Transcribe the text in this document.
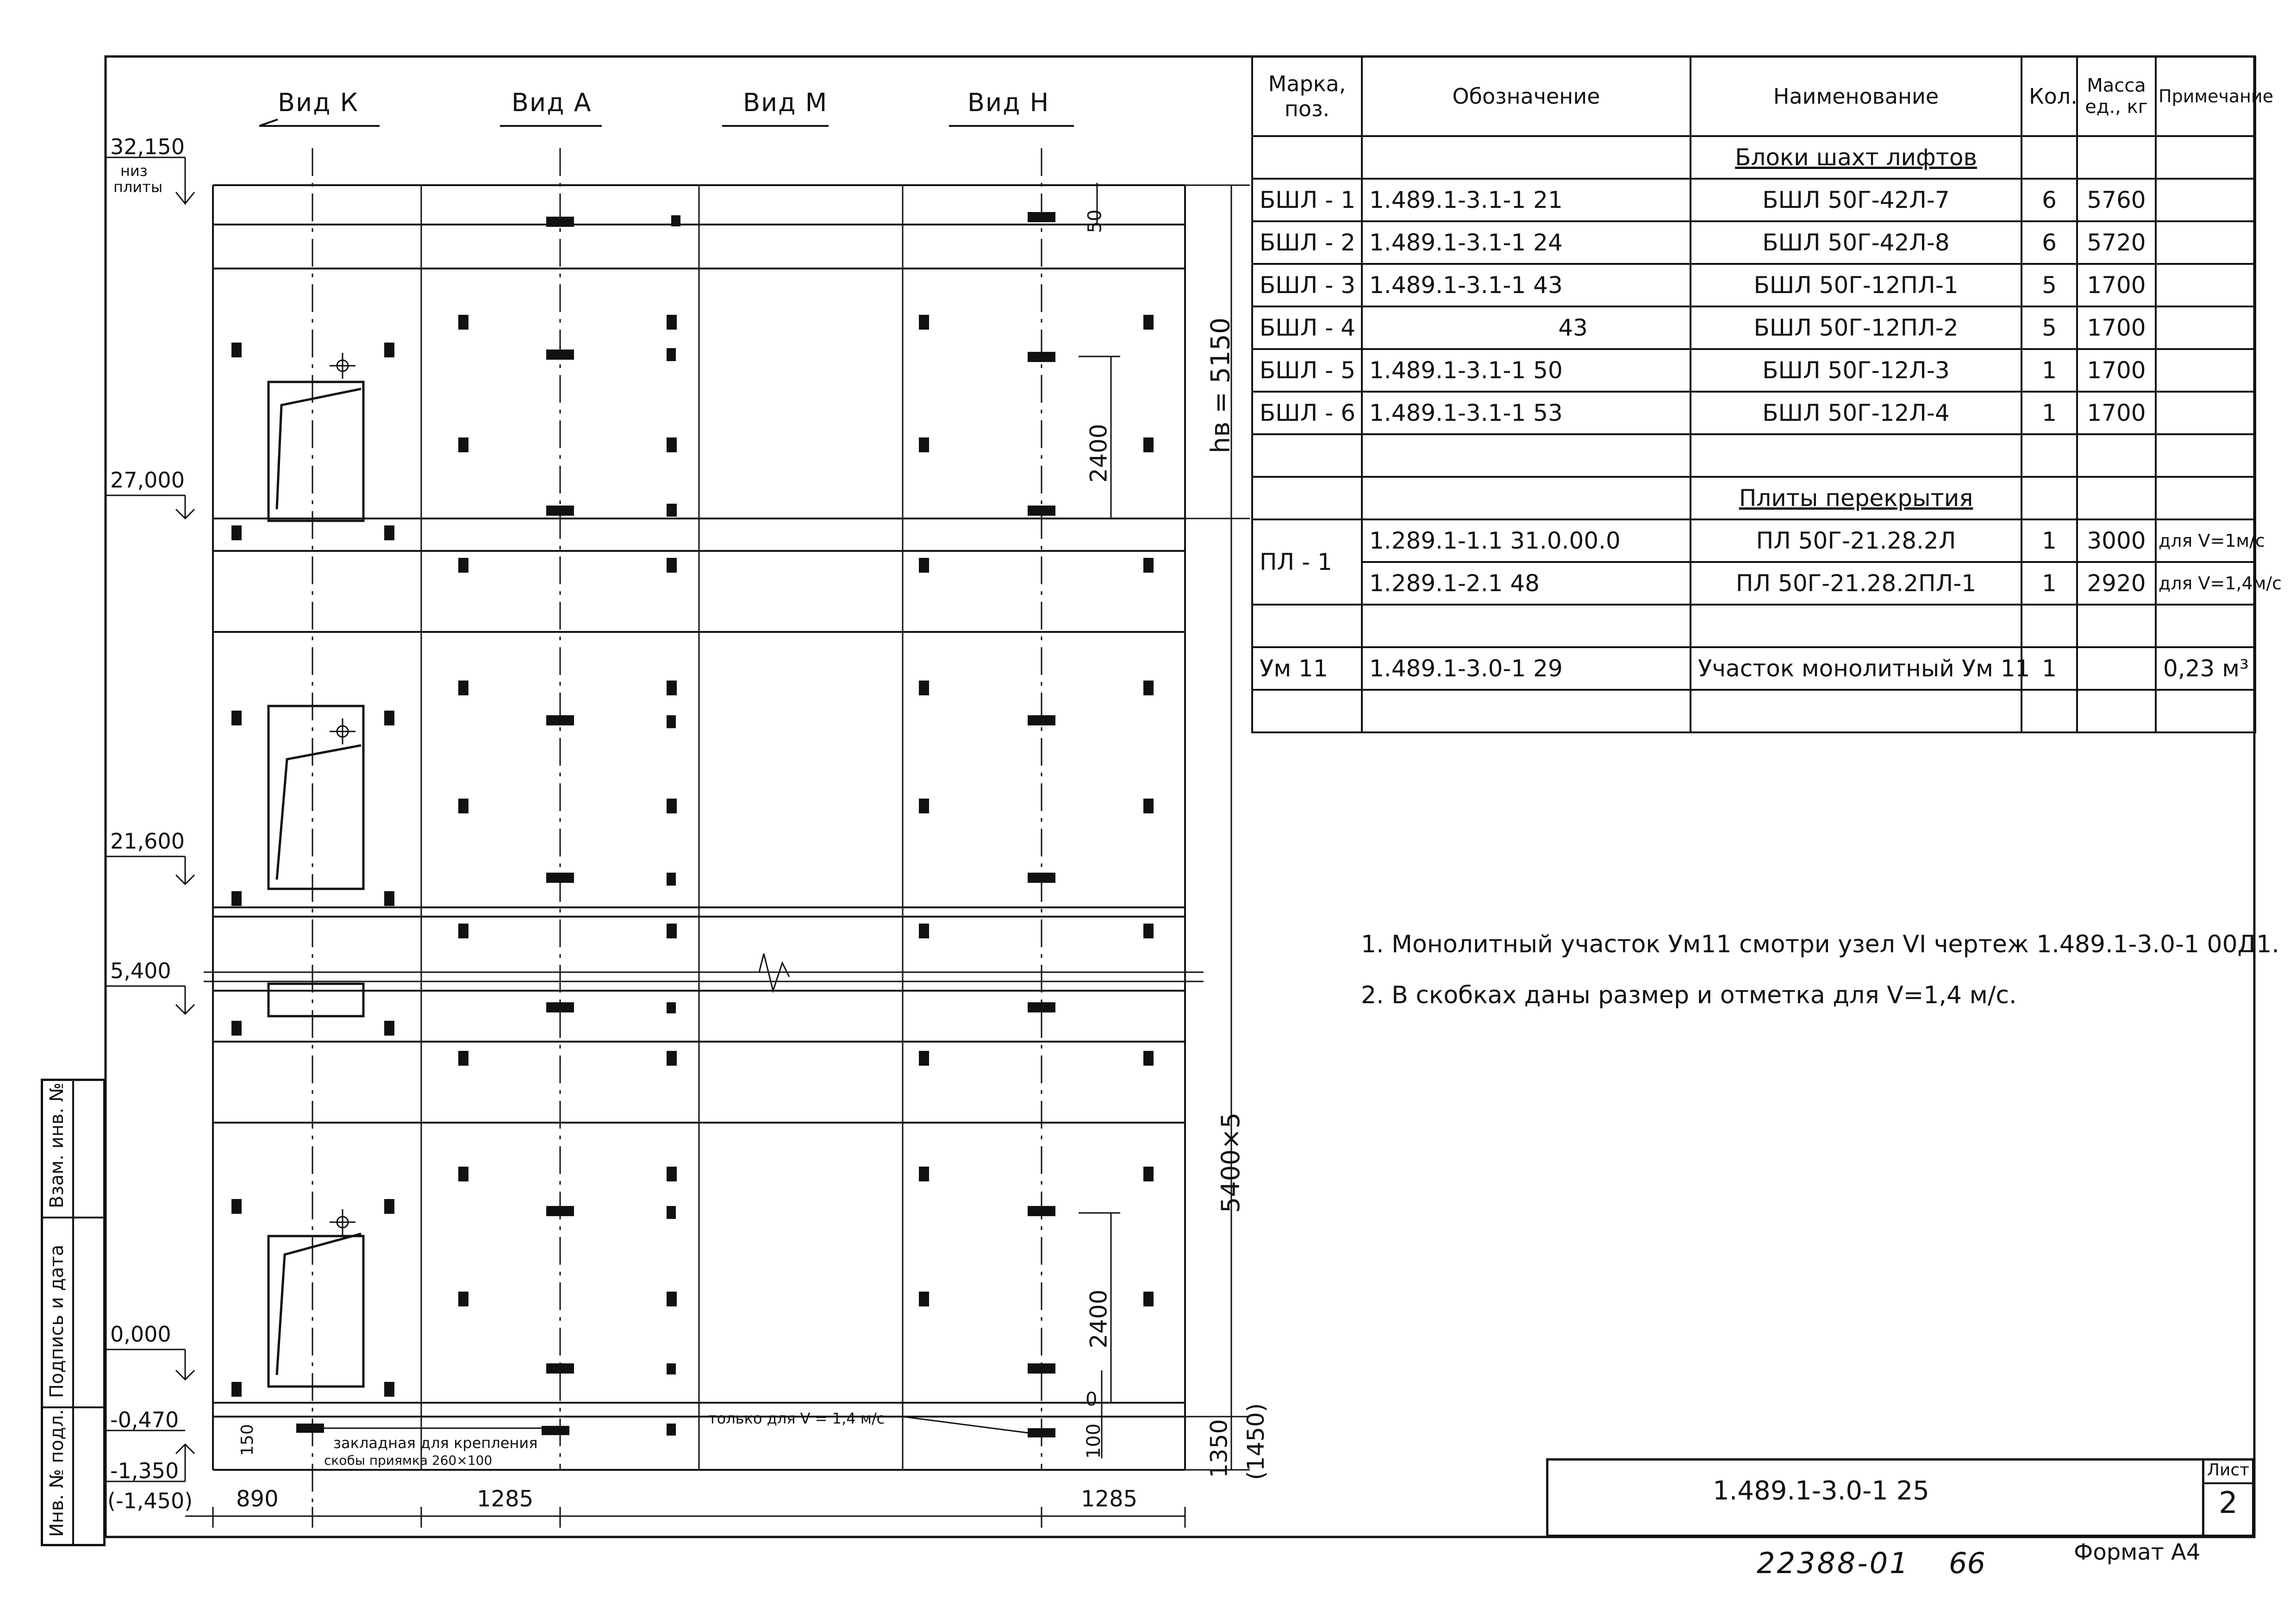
Вид К	Вид А	Вид М	Вид Н
32,150
низ
плиты
27,000
21,600
5,400
0,000
-0,470
-1,350
(-1,450)
50
hв = 5150
2400
5400×5
2400
0
100
150	1350 (1450)
890	1285	1285
закладная для крепления
скобы приямка 260×100
только для V = 1,4 м/с
Марка, поз.	Обозначение	Наименование	Кол.	Масса ед., кг	Примечание
		Блоки шахт лифтов			
БШЛ - 1	1.489.1-3.1-1 21	БШЛ 50Г-42Л-7	6	5760	
БШЛ - 2	1.489.1-3.1-1 24	БШЛ 50Г-42Л-8	6	5720	
БШЛ - 3	1.489.1-3.1-1 43	БШЛ 50Г-12ПЛ-1	5	1700	
БШЛ - 4	43	БШЛ 50Г-12ПЛ-2	5	1700	
БШЛ - 5	1.489.1-3.1-1 50	БШЛ 50Г-12Л-3	1	1700	
БШЛ - 6	1.489.1-3.1-1 53	БШЛ 50Г-12Л-4	1	1700	

		Плиты перекрытия			
ПЛ - 1	1.289.1-1.1 31.0.00.0	ПЛ 50Г-21.28.2Л	1	3000	для V=1м/с
	1.289.1-2.1 48	ПЛ 50Г-21.28.2ПЛ-1	1	2920	для V=1,4м/с

Ум 11	1.489.1-3.0-1 29	Участок монолитный Ум 11	1		0,23 м³

1. Монолитный участок Ум11 смотри узел VI чертеж 1.489.1-3.0-1 00Д1.
2. В скобках даны размер и отметка для V=1,4 м/с.
1.489.1-3.0-1 25
Лист
2
22388-01 66	Формат А4
Инв. № подл.
Подпись и дата
Взам. инв. №
